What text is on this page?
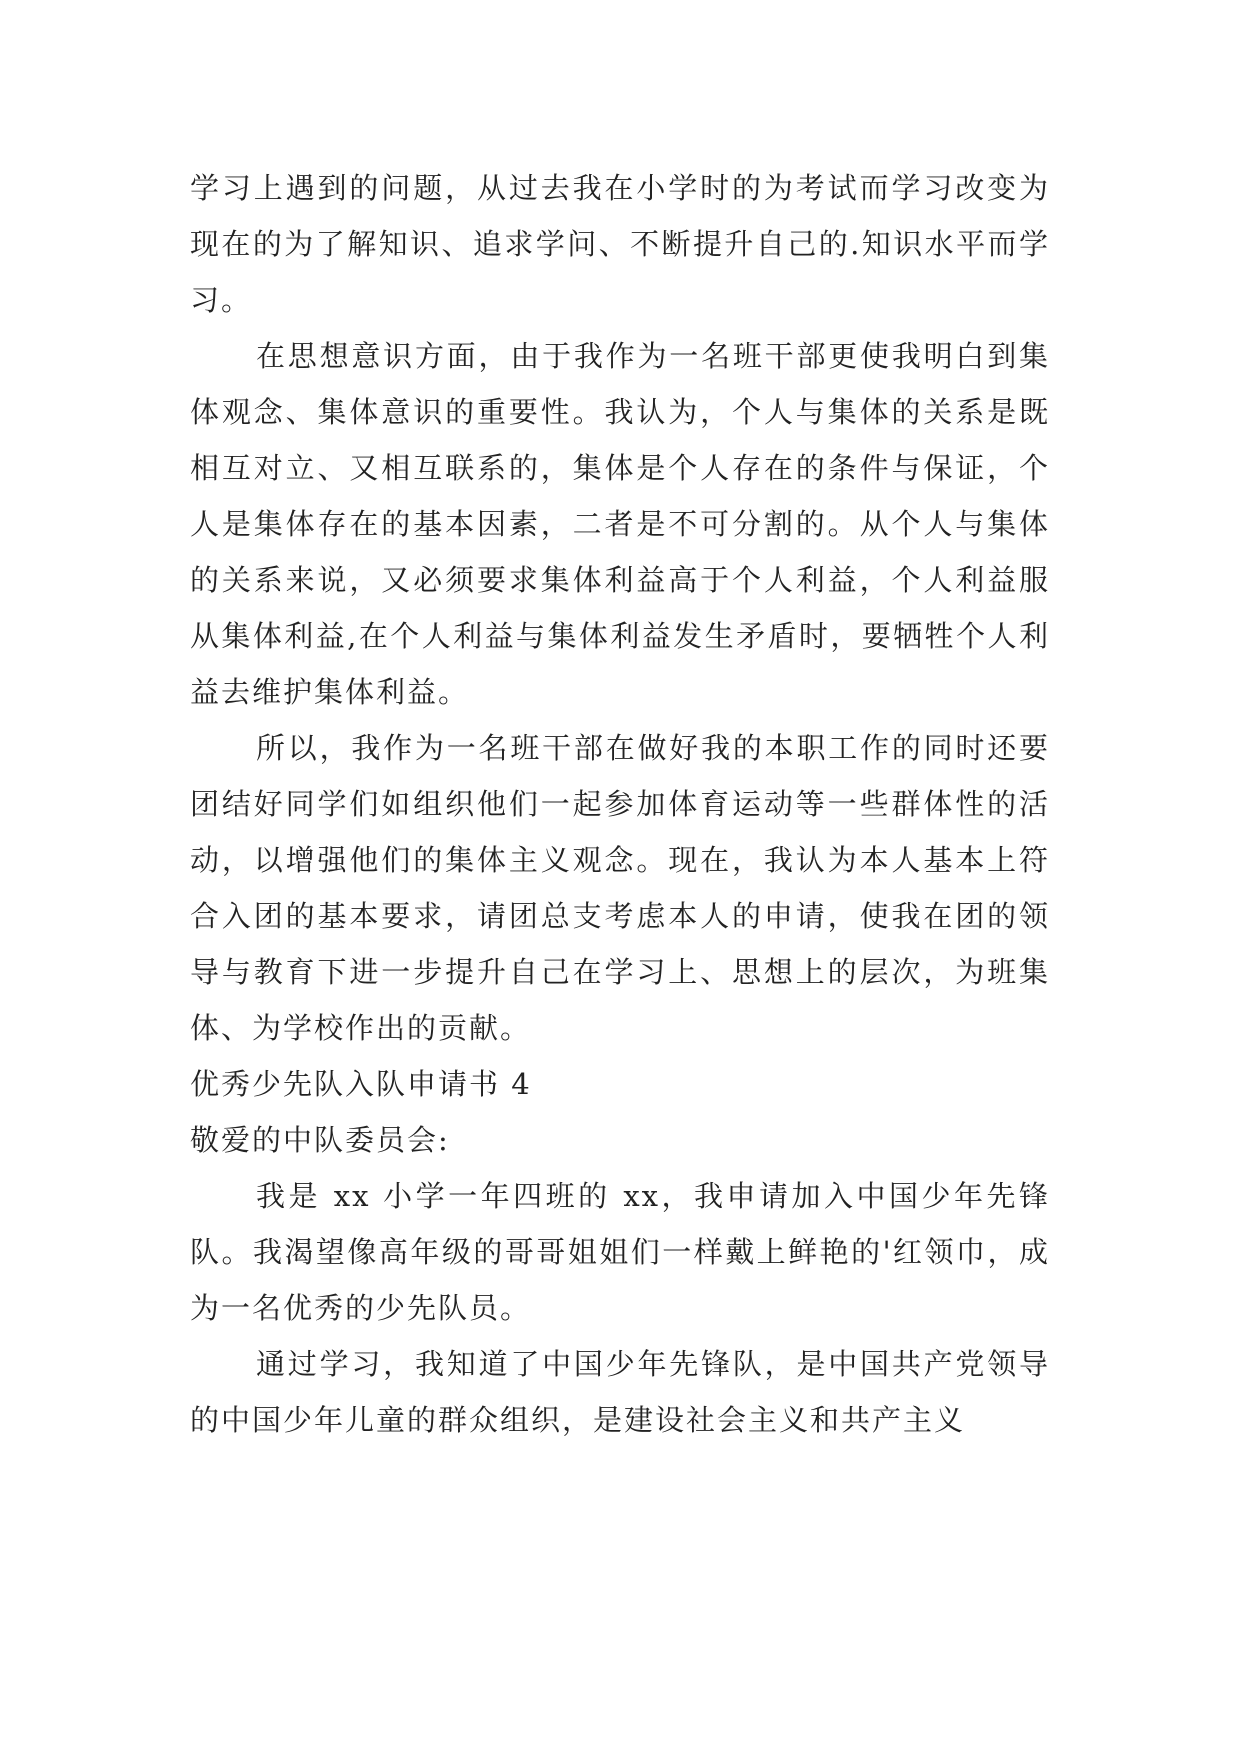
学习上遇到的问题，从过去我在小学时的为考试而学习改变为现在的为了解知识、追求学问、不断提升自己的.知识水平而学习。

在思想意识方面，由于我作为一名班干部更使我明白到集体观念、集体意识的重要性。我认为，个人与集体的关系是既相互对立、又相互联系的，集体是个人存在的条件与保证，个人是集体存在的基本因素，二者是不可分割的。从个人与集体的关系来说，又必须要求集体利益高于个人利益，个人利益服从集体利益,在个人利益与集体利益发生矛盾时，要牺牲个人利益去维护集体利益。

所以，我作为一名班干部在做好我的本职工作的同时还要团结好同学们如组织他们一起参加体育运动等一些群体性的活动，以增强他们的集体主义观念。现在，我认为本人基本上符合入团的基本要求，请团总支考虑本人的申请，使我在团的领导与教育下进一步提升自己在学习上、思想上的层次，为班集体、为学校作出的贡献。

优秀少先队入队申请书 4

敬爱的中队委员会:

我是 xx 小学一年四班的 xx，我申请加入中国少年先锋队。我渴望像高年级的哥哥姐姐们一样戴上鲜艳的'红领巾，成为一名优秀的少先队员。

通过学习，我知道了中国少年先锋队，是中国共产党领导的中国少年儿童的群众组织，是建设社会主义和共产主义
